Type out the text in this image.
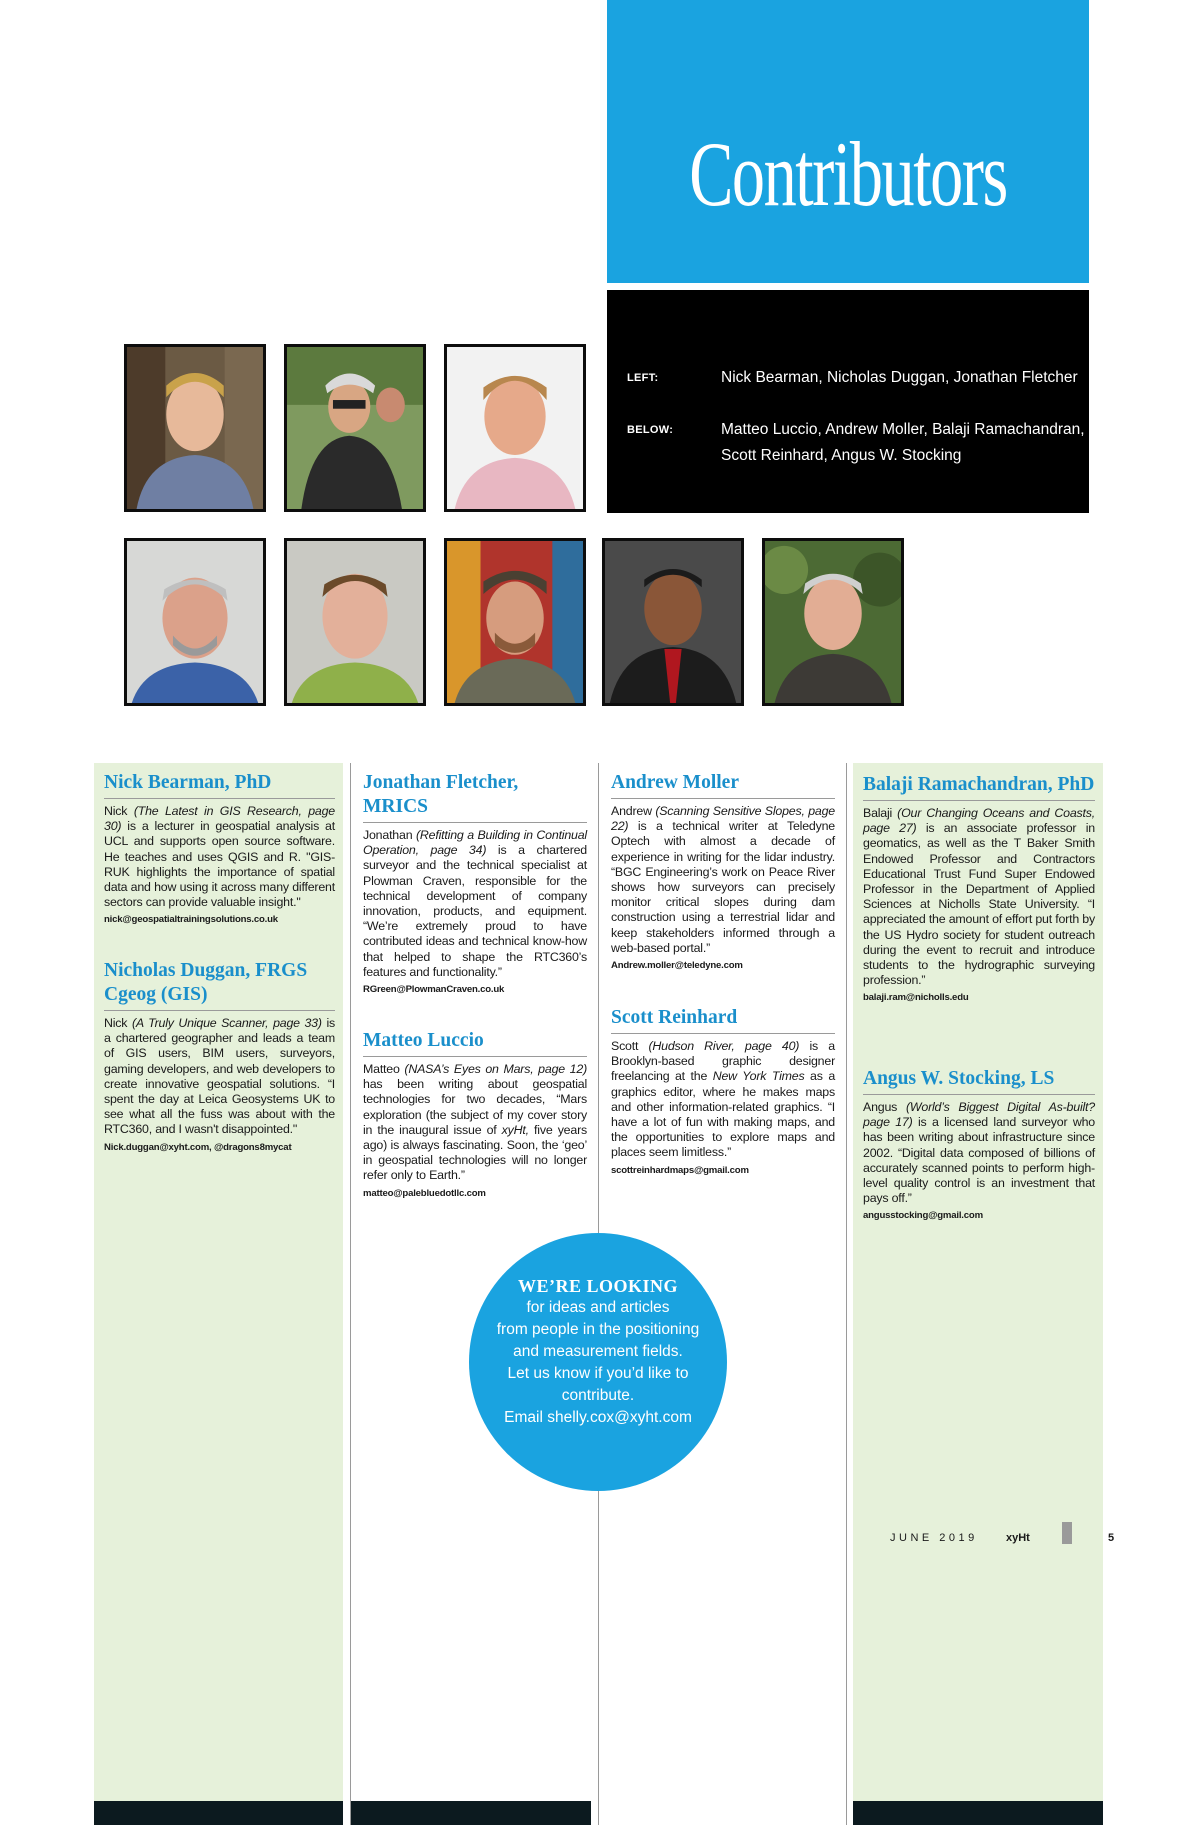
Contributors
LEFT:	Nick Bearman, Nicholas Duggan, Jonathan Fletcher
BELOW:	Matteo Luccio, Andrew Moller, Balaji Ramachandran,
Scott Reinhard, Angus W. Stocking
Nick Bearman, PhD

Nick (The Latest in GIS Research, page 30) is a lecturer in geospatial analysis at UCL and supports open source software. He teaches and uses QGIS and R. "GIS-RUK highlights the importance of spatial data and how using it across many different sectors can provide valuable insight."

nick@geospatialtrainingsolutions.co.uk
Nicholas Duggan, FRGS Cgeog (GIS)

Nick (A Truly Unique Scanner, page 33) is a chartered geographer and leads a team of GIS users, BIM users, surveyors, gaming developers, and web developers to create innovative geospatial solutions. “I spent the day at Leica Geosystems UK to see what all the fuss was about with the RTC360, and I wasn't disappointed."

Nick.duggan@xyht.com, @dragons8mycat
Jonathan Fletcher, MRICS

Jonathan (Refitting a Building in Continual Operation, page 34) is a chartered surveyor and the technical specialist at Plowman Craven, responsible for the technical development of company innovation, products, and equipment. “We’re extremely proud to have contributed ideas and technical know-how that helped to shape the RTC360’s features and functionality.”

RGreen@PlowmanCraven.co.uk
Matteo Luccio

Matteo (NASA’s Eyes on Mars, page 12) has been writing about geospatial technologies for two decades, “Mars exploration (the subject of my cover story in the inaugural issue of xyHt, five years ago) is always fascinating. Soon, the ‘geo’ in geospatial technologies will no longer refer only to Earth.”

matteo@palebluedotllc.com
Andrew Moller

Andrew (Scanning Sensitive Slopes, page 22) is a technical writer at Teledyne Optech with almost a decade of experience in writing for the lidar industry. “BGC Engineering’s work on Peace River shows how surveyors can precisely monitor critical slopes during dam construction using a terrestrial lidar and keep stakeholders informed through a web-based portal.”

Andrew.moller@teledyne.com
Scott Reinhard

Scott (Hudson River, page 40) is a Brooklyn-based graphic designer freelancing at the New York Times as a graphics editor, where he makes maps and other information-related graphics. “I have a lot of fun with making maps, and the opportunities to explore maps and places seem limitless.”

scottreinhardmaps@gmail.com
Balaji Ramachandran, PhD

Balaji (Our Changing Oceans and Coasts, page 27) is an associate professor in geomatics, as well as the T Baker Smith Endowed Professor and Contractors Educational Trust Fund Super Endowed Professor in the Department of Applied Sciences at Nicholls State University. “I appreciated the amount of effort put forth by the US Hydro society for student outreach during the event to recruit and introduce students to the hydrographic surveying profession.”

balaji.ram@nicholls.edu
Angus W. Stocking, LS

Angus (World’s Biggest Digital As-built? page 17) is a licensed land surveyor who has been writing about infrastructure since 2002. “Digital data composed of billions of accurately scanned points to perform high-level quality control is an investment that pays off.”

angusstocking@gmail.com
WE’RE LOOKING
for ideas and articles
from people in the positioning
and measurement fields.
Let us know if you’d like to
contribute.
Email shelly.cox@xyht.com
JUNE 2019	xyHt	5
